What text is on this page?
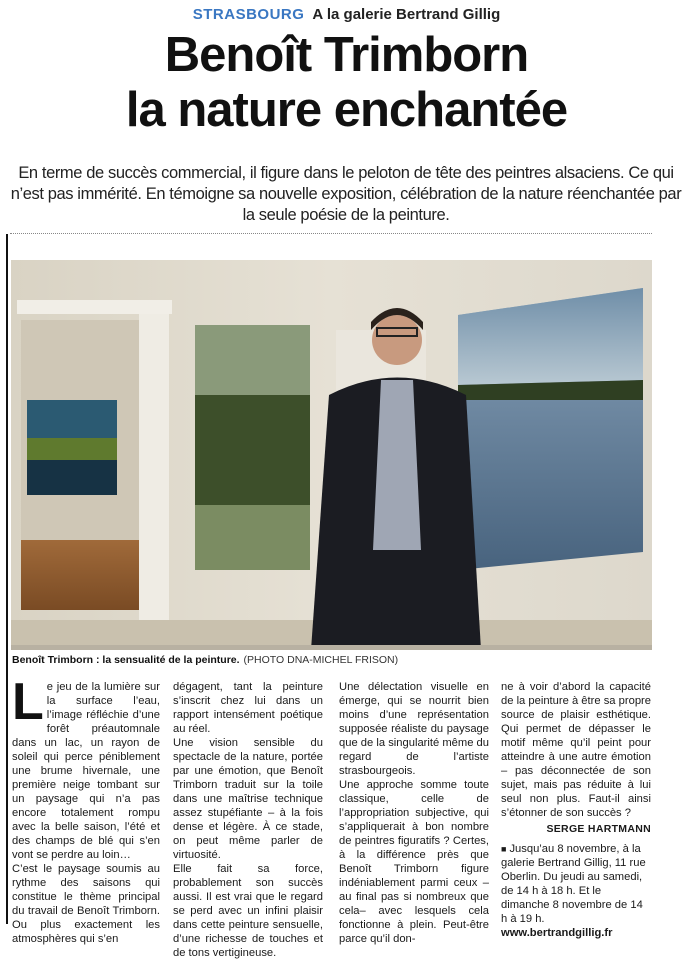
STRASBOURG A la galerie Bertrand Gillig
Benoît Trimborn
la nature enchantée
En terme de succès commercial, il figure dans le peloton de tête des peintres alsaciens. Ce qui n’est pas immérité. En témoigne sa nouvelle exposition, célébration de la nature réenchantée par la seule poésie de la peinture.
Benoît Trimborn : la sensualité de la peinture. (PHOTO DNA-MICHEL FRISON)
L e jeu de la lumière sur la surface l’eau, l’image réfléchie d’une forêt préautomnale dans un lac, un rayon de soleil qui perce péniblement une brume hivernale, une première neige tombant sur un paysage qui n’a pas encore totalement rompu avec la belle saison, l’été et des champs de blé qui s’en vont se perdre au loin…

C’est le paysage soumis au rythme des saisons qui constitue le thème principal du travail de Benoît Trimborn. Ou plus exactement les atmosphères qui s’en

dégagent, tant la peinture s’inscrit chez lui dans un rapport intensément poétique au réel.

Une vision sensible du spectacle de la nature, portée par une émotion, que Benoît Trimborn traduit sur la toile dans une maîtrise technique assez stupéfiante – à la fois dense et légère. À ce stade, on peut même parler de virtuosité.

Elle fait sa force, probablement son succès aussi. Il est vrai que le regard se perd avec un infini plaisir dans cette peinture sensuelle, d’une richesse de touches et de tons vertigineuse.

Une délectation visuelle en émerge, qui se nourrit bien moins d’une représentation supposée réaliste du paysage que de la singularité même du regard de l’artiste strasbourgeois.

Une approche somme toute classique, celle de l’appropriation subjective, qui s’appliquerait à bon nombre de peintres figuratifs ? Certes, à la différence près que Benoît Trimborn figure indéniablement parmi ceux –au final pas si nombreux que cela– avec lesquels cela fonctionne à plein. Peut-être parce qu’il don-

ne à voir d’abord la capacité de la peinture à être sa propre source de plaisir esthétique. Qui permet de dépasser le motif même qu’il peint pour atteindre à une autre émotion – pas déconnectée de son sujet, mais pas réduite à lui seul non plus. Faut-il ainsi s’étonner de son succès ?

SERGE HARTMANN
■ Jusqu’au 8 novembre, à la galerie Bertrand Gillig, 11 rue Oberlin. Du jeudi au samedi, de 14 h à 18 h. Et le dimanche 8 novembre de 14 h à 19 h.
www.bertrandgillig.fr
